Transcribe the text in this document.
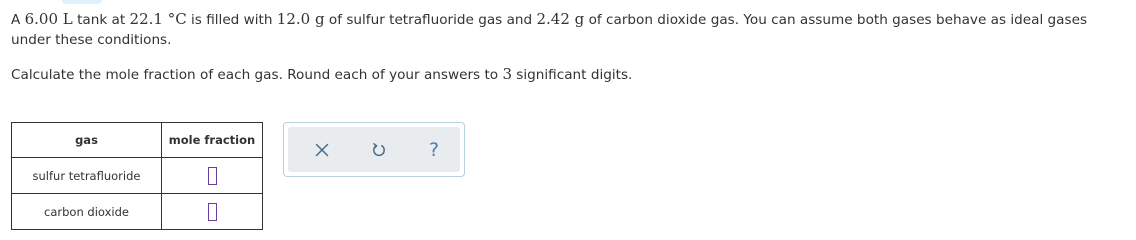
A 6.00 L tank at 22.1 °C is filled with 12.0 g of sulfur tetrafluoride gas and 2.42 g of carbon dioxide gas. You can assume both gases behave as ideal gases under these conditions.
Calculate the mole fraction of each gas. Round each of your answers to 3 significant digits.
gas	mole fraction
sulfur tetrafluoride	
carbon dioxide	
?
